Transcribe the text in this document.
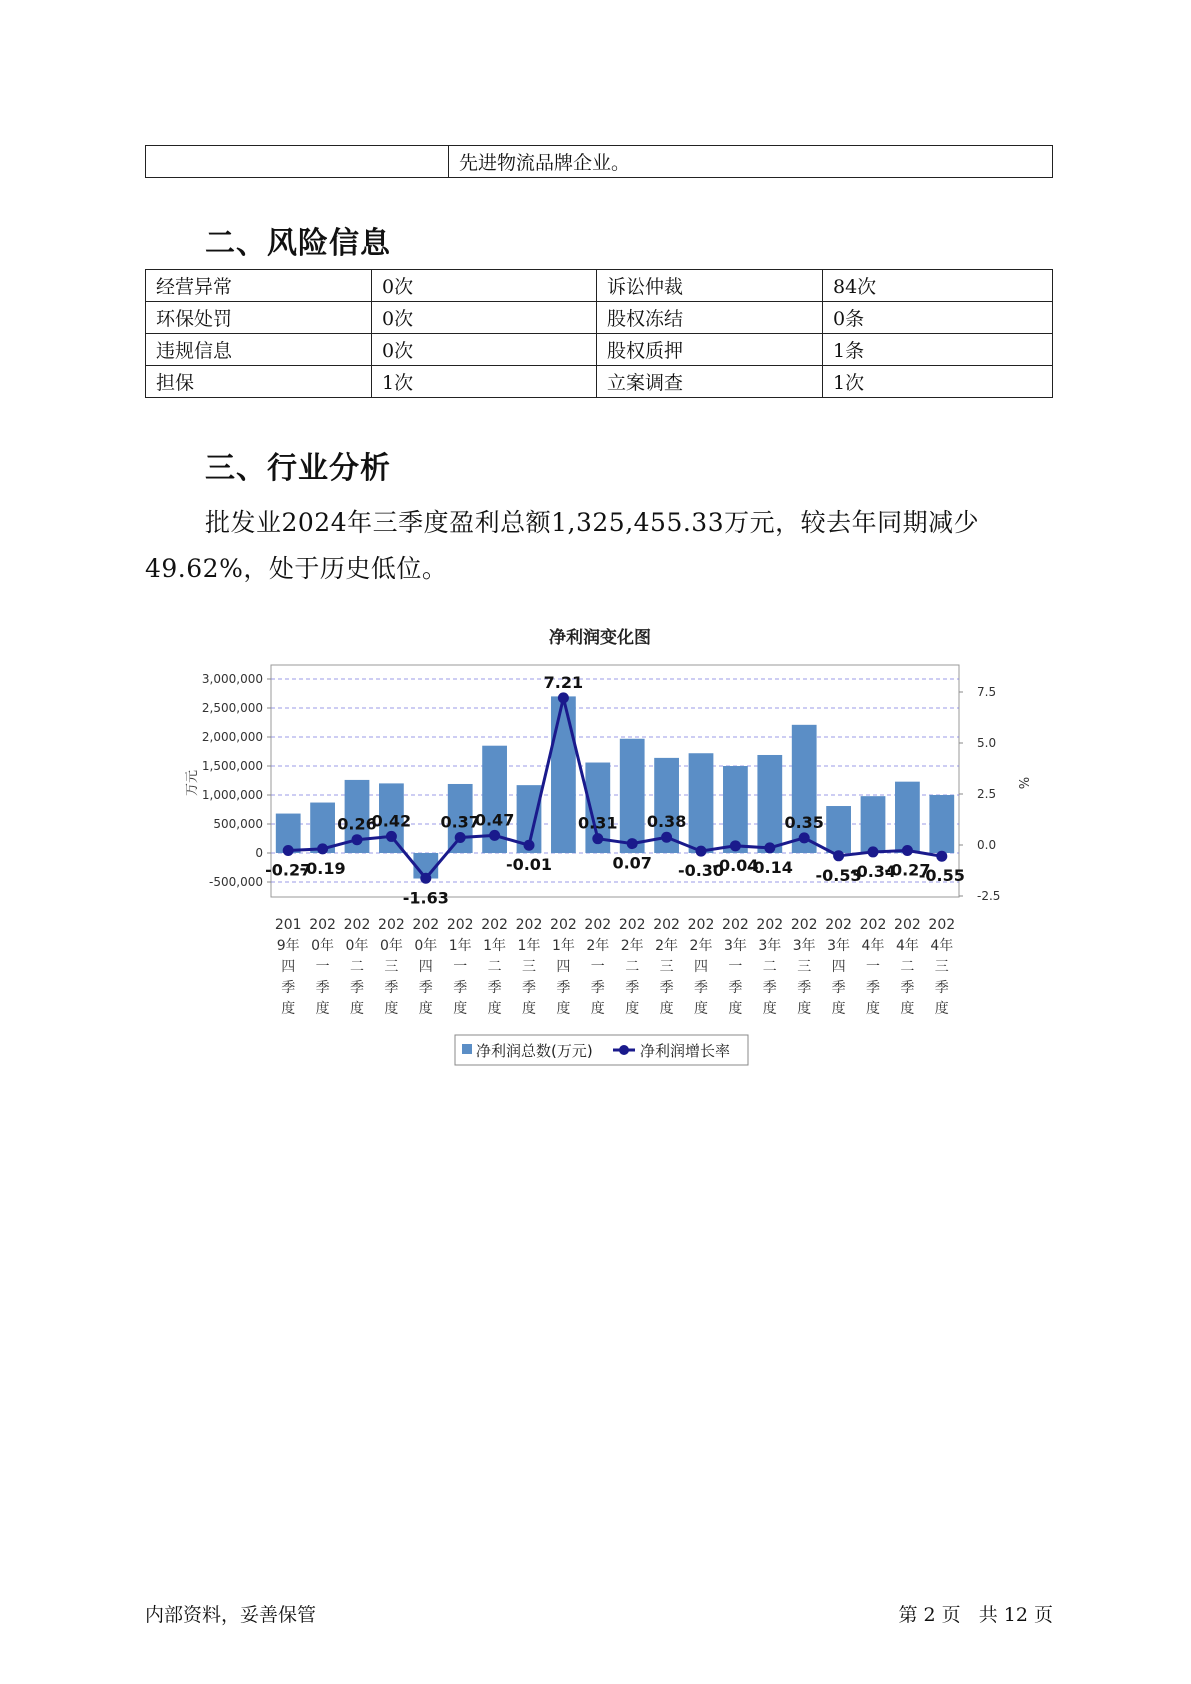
	先进物流品牌企业。
二、风险信息
经营异常	0次	诉讼仲裁	84次
环保处罚	0次	股权冻结	0条
违规信息	0次	股权质押	1条
担保	1次	立案调查	1次
三、行业分析
批发业2024年三季度盈利总额1,325,455.33万元，较去年同期减少
49.62%，处于历史低位。
净利润变化图
-0.27
-0.19
0.26
0.42
-1.63
0.37
0.47
-0.01
7.21
0.31
0.07
0.38
-0.30
-0.04
-0.14
0.35
-0.53
-0.34
-0.27
-0.55
3,000,000
2,500,000
2,000,000
1,500,000
1,000,000
500,000
0
-500,000
7.5
5.0
2.5
0.0
-2.5
201
9年
四
季
度
202
0年
一
季
度
202
0年
二
季
度
202
0年
三
季
度
202
0年
四
季
度
202
1年
一
季
度
202
1年
二
季
度
202
1年
三
季
度
202
1年
四
季
度
202
2年
一
季
度
202
2年
二
季
度
202
2年
三
季
度
202
2年
四
季
度
202
3年
一
季
度
202
3年
二
季
度
202
3年
三
季
度
202
3年
四
季
度
202
4年
一
季
度
202
4年
二
季
度
202
4年
三
季
度
万元	%
净利润总数(万元)	净利润增长率
内部资料，妥善保管	第 2 页   共 12 页
